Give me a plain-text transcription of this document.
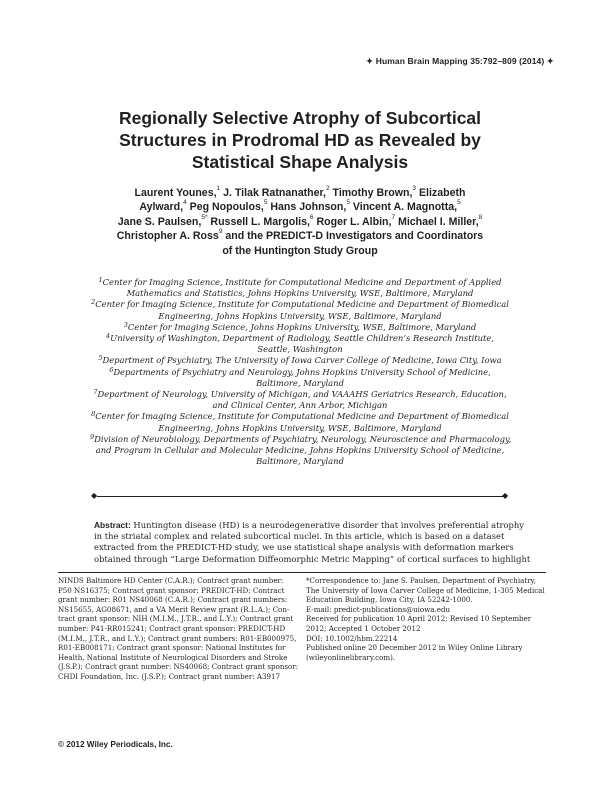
✦ Human Brain Mapping 35:792–809 (2014) ✦
Regionally Selective Atrophy of Subcortical
Structures in Prodromal HD as Revealed by
Statistical Shape Analysis
Laurent Younes,$^1$ J. Tilak Ratnanather,$^2$ Timothy Brown,$^3$ Elizabeth
Aylward,$^4$ Peg Nopoulos,$^5$ Hans Johnson,$^5$ Vincent A. Magnotta,$^5$
Jane S. Paulsen,$^{5*}$ Russell L. Margolis,$^6$ Roger L. Albin,$^7$ Michael I. Miller,$^8$
Christopher A. Ross$^9$ and the PREDICT-D Investigators and Coordinators
of the Huntington Study Group
$^1$Center for Imaging Science, Institute for Computational Medicine and Department of Applied
Mathematics and Statistics, Johns Hopkins University, WSE, Baltimore, Maryland
$^2$Center for Imaging Science, Institute for Computational Medicine and Department of Biomedical
Engineering, Johns Hopkins University, WSE, Baltimore, Maryland
$^3$Center for Imaging Science, Johns Hopkins University, WSE, Baltimore, Maryland
$^4$University of Washington, Department of Radiology, Seattle Children’s Research Institute,
Seattle, Washington
$^5$Department of Psychiatry, The University of Iowa Carver College of Medicine, Iowa City, Iowa
$^6$Departments of Psychiatry and Neurology, Johns Hopkins University School of Medicine,
Baltimore, Maryland
$^7$Department of Neurology, University of Michigan, and VAAAHS Geriatrics Research, Education,
and Clinical Center, Ann Arbor, Michigan
$^8$Center for Imaging Science, Institute for Computational Medicine and Department of Biomedical
Engineering, Johns Hopkins University, WSE, Baltimore, Maryland
$^9$Division of Neurobiology, Departments of Psychiatry, Neurology, Neuroscience and Pharmacology,
and Program in Cellular and Molecular Medicine, Johns Hopkins University School of Medicine,
Baltimore, Maryland
◆	◆
Abstract: Huntington disease (HD) is a neurodegenerative disorder that involves preferential atrophy
in the striatal complex and related subcortical nuclei. In this article, which is based on a dataset
extracted from the PREDICT-HD study, we use statistical shape analysis with deformation markers
obtained through “Large Deformation Diffeomorphic Metric Mapping” of cortical surfaces to highlight
NINDS Baltimore HD Center (C.A.R.); Contract grant number:
P50 NS16375; Contract grant sponsor: PREDICT-HD; Contract
grant number: R01 NS40068 (C.A.R.); Contract grant numbers:
NS15655, AG08671, and a VA Merit Review grant (R.L.A.); Con-
tract grant sponsor: NIH (M.I.M., J.T.R., and L.Y.); Contract grant
number: P41-RR015241; Contract grant sponsor: PREDICT-HD
(M.I.M., J.T.R., and L.Y.); Contract grant numbers: R01-EB000975,
R01-EB008171; Contract grant sponsor: National Institutes for
Health, National Institute of Neurological Disorders and Stroke
(J.S.P.); Contract grant number: NS40068; Contract grant sponsor:
CHDI Foundation, Inc. (J.S.P.); Contract grant number: A3917
*Correspondence to: Jane S. Paulsen, Department of Psychiatry,
The University of Iowa Carver College of Medicine, 1-305 Medical
Education Building, Iowa City, IA 52242-1000.
E-mail: predict-publications@uiowa.edu
Received for publication 10 April 2012; Revised 10 September
2012; Accepted 1 October 2012
DOI: 10.1002/hbm.22214
Published online 20 December 2012 in Wiley Online Library
(wileyonlinelibrary.com).
© 2012 Wiley Periodicals, Inc.
